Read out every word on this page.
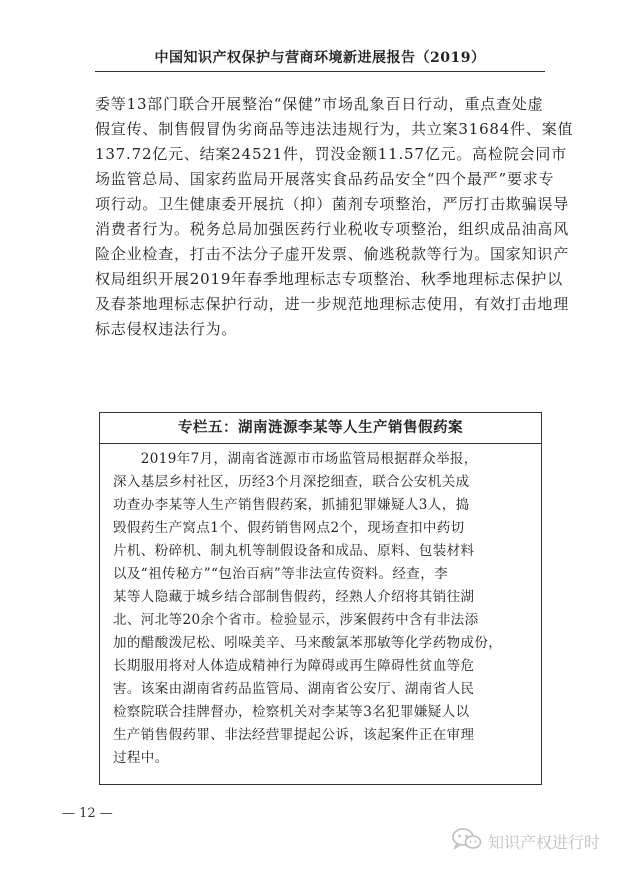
中国知识产权保护与营商环境新进展报告（2019）
委等13部门联合开展整治“保健”市场乱象百日行动，重点查处虚
假宣传、制售假冒伪劣商品等违法违规行为，共立案31684件、案值
137.72亿元、结案24521件，罚没金额11.57亿元。高检院会同市
场监管总局、国家药监局开展落实食品药品安全“四个最严”要求专
项行动。卫生健康委开展抗（抑）菌剂专项整治，严厉打击欺骗误导
消费者行为。税务总局加强医药行业税收专项整治，组织成品油高风
险企业检查，打击不法分子虚开发票、偷逃税款等行为。国家知识产
权局组织开展2019年春季地理标志专项整治、秋季地理标志保护以
及春茶地理标志保护行动，进一步规范地理标志使用，有效打击地理
标志侵权违法行为。
专栏五：湖南涟源李某等人生产销售假药案
　　2019年7月，湖南省涟源市市场监管局根据群众举报，
深入基层乡村社区，历经3个月深挖细查，联合公安机关成
功查办李某等人生产销售假药案，抓捕犯罪嫌疑人3人，捣
毁假药生产窝点1个、假药销售网点2个，现场查扣中药切
片机、粉碎机、制丸机等制假设备和成品、原料、包装材料
以及“祖传秘方”“包治百病”等非法宣传资料。经查，李
某等人隐藏于城乡结合部制售假药，经熟人介绍将其销往湖
北、河北等20余个省市。检验显示，涉案假药中含有非法添
加的醋酸泼尼松、吲哚美辛、马来酸氯苯那敏等化学药物成份，
长期服用将对人体造成精神行为障碍或再生障碍性贫血等危
害。该案由湖南省药品监管局、湖南省公安厅、湖南省人民
检察院联合挂牌督办，检察机关对李某等3名犯罪嫌疑人以
生产销售假药罪、非法经营罪提起公诉，该起案件正在审理
过程中。
— 12 —
知识产权进行时
